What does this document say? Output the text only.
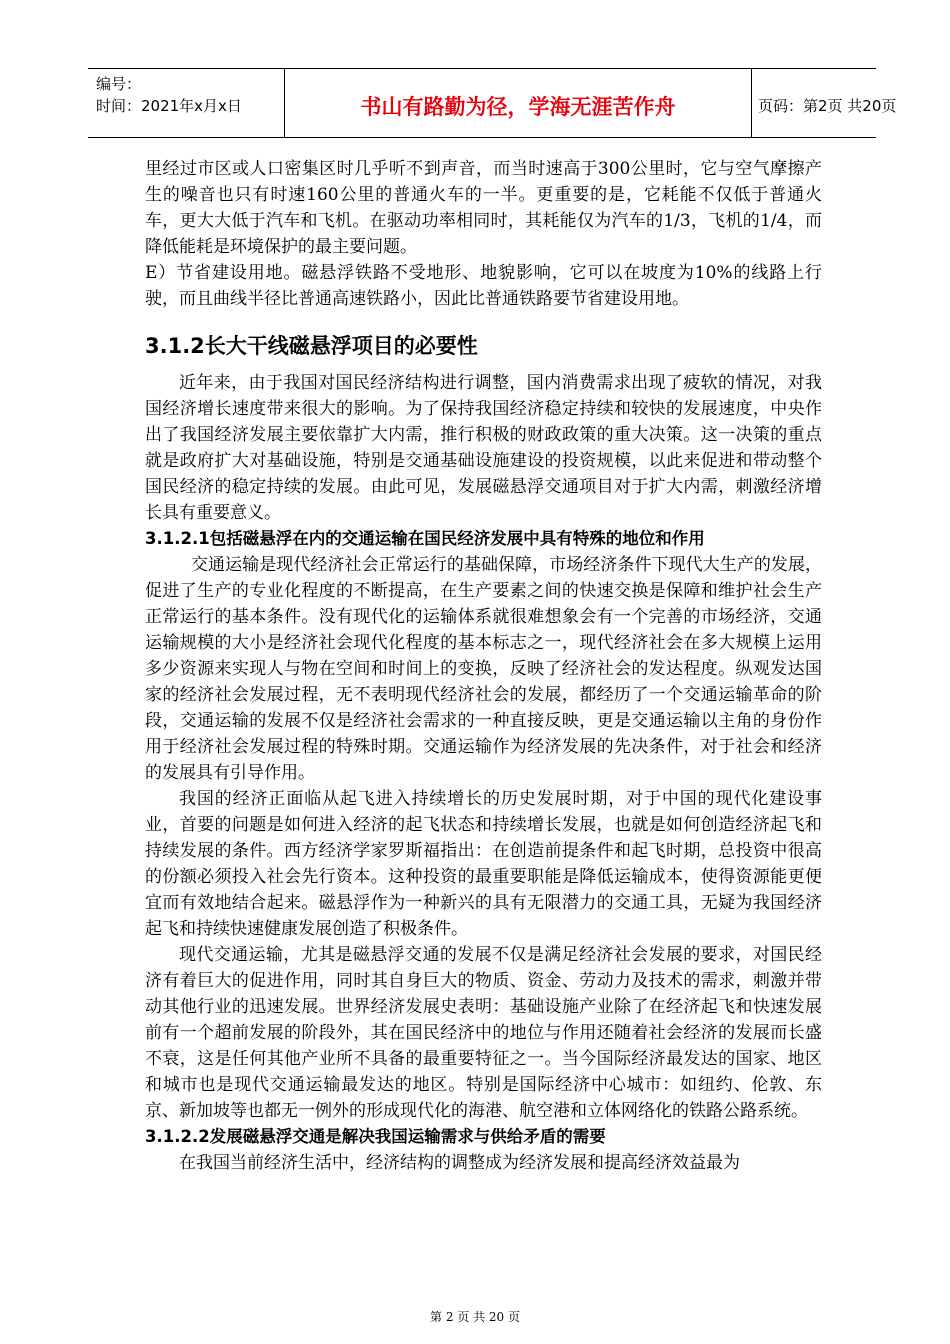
编号：
时间：2021年x月x日	书山有路勤为径，学海无涯苦作舟	页码：第2页 共20页

里经过市区或人口密集区时几乎听不到声音，而当时速高于300公里时，它与空气摩擦产生的噪音也只有时速160公里的普通火车的一半。更重要的是，它耗能不仅低于普通火车，更大大低于汽车和飞机。在驱动功率相同时，其耗能仅为汽车的1/3，飞机的1/4，而降低能耗是环境保护的最主要问题。

E）节省建设用地。磁悬浮铁路不受地形、地貌影响，它可以在坡度为10%的线路上行驶，而且曲线半径比普通高速铁路小，因此比普通铁路要节省建设用地。

3.1.2长大干线磁悬浮项目的必要性

近年来，由于我国对国民经济结构进行调整，国内消费需求出现了疲软的情况，对我国经济增长速度带来很大的影响。为了保持我国经济稳定持续和较快的发展速度，中央作出了我国经济发展主要依靠扩大内需，推行积极的财政政策的重大决策。这一决策的重点就是政府扩大对基础设施，特别是交通基础设施建设的投资规模，以此来促进和带动整个国民经济的稳定持续的发展。由此可见，发展磁悬浮交通项目对于扩大内需，刺激经济增长具有重要意义。

3.1.2.1包括磁悬浮在内的交通运输在国民经济发展中具有特殊的地位和作用

交通运输是现代经济社会正常运行的基础保障，市场经济条件下现代大生产的发展，促进了生产的专业化程度的不断提高，在生产要素之间的快速交换是保障和维护社会生产正常运行的基本条件。没有现代化的运输体系就很难想象会有一个完善的市场经济，交通运输规模的大小是经济社会现代化程度的基本标志之一，现代经济社会在多大规模上运用多少资源来实现人与物在空间和时间上的变换，反映了经济社会的发达程度。纵观发达国家的经济社会发展过程，无不表明现代经济社会的发展，都经历了一个交通运输革命的阶段，交通运输的发展不仅是经济社会需求的一种直接反映，更是交通运输以主角的身份作用于经济社会发展过程的特殊时期。交通运输作为经济发展的先决条件，对于社会和经济的发展具有引导作用。

我国的经济正面临从起飞进入持续增长的历史发展时期，对于中国的现代化建设事业，首要的问题是如何进入经济的起飞状态和持续增长发展，也就是如何创造经济起飞和持续发展的条件。西方经济学家罗斯福指出：在创造前提条件和起飞时期，总投资中很高的份额必须投入社会先行资本。这种投资的最重要职能是降低运输成本，使得资源能更便宜而有效地结合起来。磁悬浮作为一种新兴的具有无限潜力的交通工具，无疑为我国经济起飞和持续快速健康发展创造了积极条件。

现代交通运输，尤其是磁悬浮交通的发展不仅是满足经济社会发展的要求，对国民经济有着巨大的促进作用，同时其自身巨大的物质、资金、劳动力及技术的需求，刺激并带动其他行业的迅速发展。世界经济发展史表明：基础设施产业除了在经济起飞和快速发展前有一个超前发展的阶段外，其在国民经济中的地位与作用还随着社会经济的发展而长盛不衰，这是任何其他产业所不具备的最重要特征之一。当今国际经济最发达的国家、地区和城市也是现代交通运输最发达的地区。特别是国际经济中心城市：如纽约、伦敦、东京、新加坡等也都无一例外的形成现代化的海港、航空港和立体网络化的铁路公路系统。

3.1.2.2发展磁悬浮交通是解决我国运输需求与供给矛盾的需要

在我国当前经济生活中，经济结构的调整成为经济发展和提高经济效益最为

第 2 页 共 20 页
